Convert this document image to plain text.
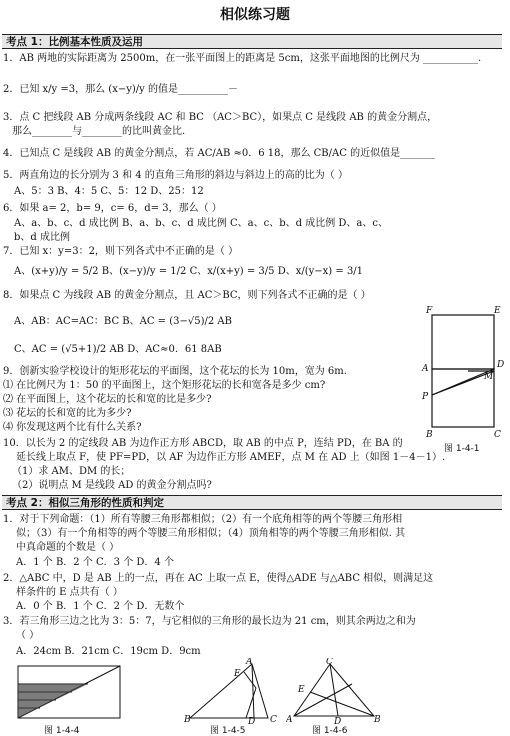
相似练习题
考点 1：比例基本性质及运用
1．AB 两地的实际距离为 2500m，在一张平面图上的距离是 5cm，这张平面地图的比例尺为 ___________.
2．已知 x/y =3，那么 (x−y)/y 的值是__________－
3．点 C 把线段 AB 分成两条线段 AC 和 BC （AC＞BC），如果点 C 是线段 AB 的黄金分割点，
那么________与________的比叫黄金比.
4．已知点 C 是线段 AB 的黄金分割点，若 AC/AB ≈0．6 18，那么 CB/AC 的近似值是_______
5．两直角边的长分别为 3 和 4 的直角三角形的斜边与斜边上的高的比为（ ）
A、5：3 B、4：5 C、5：12 D、25：12
6．如果 a= 2，b= 9，c= 6，d= 3，那么（ ）
A、a、b、c、d 成比例 B、a、b、c、d 成比例 C、a、c、b、d 成比例 D、a、c、
b、d 成比例
7．已知 x：y=3：2，则下列各式中不正确的是（ ）
A、(x+y)/y = 5/2 B、(x−y)/y = 1/2 C、x/(x+y) = 3/5 D、x/(y−x) = 3/1
8．如果点 C 为线段 AB 的黄金分割点，且 AC＞BC，则下列各式不正确的是（ ）
A、AB：AC=AC：BC B、AC = (3−√5)/2 AB
C、AC = (√5+1)/2 AB D、AC≈0．61 8AB
9．创新实验学校设计的矩形花坛的平面图，这个花坛的长为 10m，宽为 6m.
⑴ 在比例尺为 1：50 的平面图上，这个矩形花坛的长和宽各是多少 cm?
⑵ 在平面图上，这个花坛的长和宽的比是多少?
⑶ 花坛的长和宽的比为多少?
⑷ 你发现这两个比有什么关系?
10．以长为 2 的定线段 AB 为边作正方形 ABCD，取 AB 的中点 P，连结 PD，在 BA 的
延长线上取点 F，使 PF=PD，以 AF 为边作正方形 AMEF，点 M 在 AD 上（如图 1－4－1）.
（1）求 AM、DM 的长；
（2）说明点 M 是线段 AD 的黄金分割点吗?
考点 2：相似三角形的性质和判定
1．对于下列命题：（1）所有等腰三角形都相似；（2）有一个底角相等的两个等腰三角形相
似；（3）有一个角相等的两个等腰三角形相似；（4）顶角相等的两个等腰三角形相似. 其
中真命题的个数是（ ）
A．1 个 B．2 个 C．3 个 D．4 个
2．△ABC 中，D 是 AB 上的一点，再在 AC 上取一点 E，使得△ADE 与△ABC 相似，则满足这
样条件的 E 点共有（ ）
A．0 个 B．1 个 C．2 个 D．无数个
3．若三角形三边之比为 3：5：7，与它相似的三角形的最长边为 21 cm，则其余两边之和为
（ ）
A．24cm B．21cm C．19cm D．9cm
F	E
A	D
M
P
B	C
图 1-4-1
图 1-4-4
A
E
B	D C
图 1-4-5
C
E
A	D	B
图 1-4-6
